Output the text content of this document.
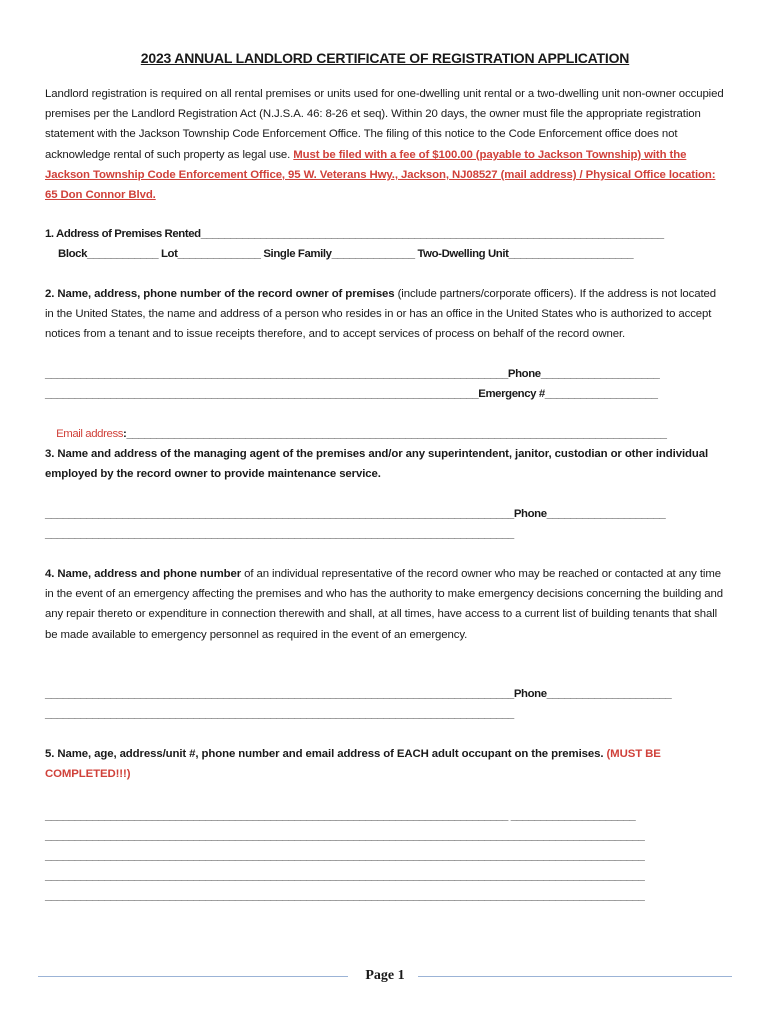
2023 ANNUAL LANDLORD CERTIFICATE OF REGISTRATION APPLICATION
Landlord registration is required on all rental premises or units used for one-dwelling unit rental or a two-dwelling unit non-owner occupied premises per the Landlord Registration Act (N.J.S.A. 46: 8-26 et seq). Within 20 days, the owner must file the appropriate registration statement with the Jackson Township Code Enforcement Office. The filing of this notice to the Code Enforcement office does not acknowledge rental of such property as legal use. Must be filed with a fee of $100.00 (payable to Jackson Township) with the Jackson Township Code Enforcement Office, 95 W. Veterans Hwy., Jackson, NJ08527 (mail address) / Physical Office location: 65 Don Connor Blvd.
1. Address of Premises Rented______________________________________________________________________________
Block____________ Lot______________ Single Family______________ Two-Dwelling Unit_____________________
2. Name, address, phone number of the record owner of premises (include partners/corporate officers). If the address is not located in the United States, the name and address of a person who resides in or has an office in the United States who is authorized to accept notices from a tenant and to issue receipts therefore, and to accept services of process on behalf of the record owner.
______________________________________________________________________________Phone____________________
_________________________________________________________________________Emergency #___________________

Email address:___________________________________________________________________________________________

3. Name and address of the managing agent of the premises and/or any superintendent, janitor, custodian or other individual employed by the record owner to provide maintenance service.
_______________________________________________________________________________Phone____________________
_______________________________________________________________________________
4. Name, address and phone number of an individual representative of the record owner who may be reached or contacted at any time in the event of an emergency affecting the premises and who has the authority to make emergency decisions concerning the building and any repair thereto or expenditure in connection therewith and shall, at all times, have access to a current list of building tenants that shall be made available to emergency personnel as required in the event of an emergency.
_______________________________________________________________________________Phone_____________________
_______________________________________________________________________________
5. Name, age, address/unit #, phone number and email address of EACH adult occupant on the premises. (MUST BE COMPLETED!!!)
______________________________________________________________________________ _____________________
_____________________________________________________________________________________________________
_____________________________________________________________________________________________________
_____________________________________________________________________________________________________
_____________________________________________________________________________________________________
Page 1
